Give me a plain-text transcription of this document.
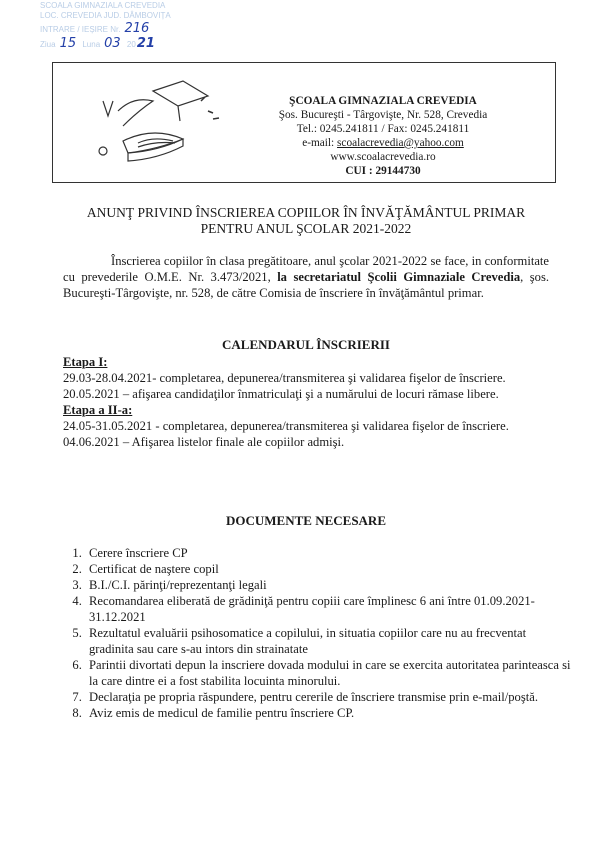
SCOALA GIMNAZIALA CREVEDIA
LOC. CREVEDIA JUD. DÂMBOVIȚA
INTRARE / IEȘIRE Nr. 216
Ziua 15 Luna 03 2021
ŞCOALA GIMNAZIALA CREVEDIA
Şos. Bucureşti - Târgovişte, Nr. 528, Crevedia
Tel.: 0245.241811 / Fax: 0245.241811
e-mail: scoalacrevedia@yahoo.com
www.scoalacrevedia.ro
CUI : 29144730
ANUNŢ PRIVIND ÎNSCRIEREA COPIILOR ÎN ÎNVĂŢĂMÂNTUL PRIMAR
PENTRU ANUL ŞCOLAR 2021-2022
Înscrierea copiilor în clasa pregătitoare, anul şcolar 2021-2022 se face, in conformitate cu prevederile O.M.E. Nr. 3.473/2021, la secretariatul Şcolii Gimnaziale Crevedia, şos. Bucureşti-Târgovişte, nr. 528, de către Comisia de înscriere în învăţământul primar.
CALENDARUL ÎNSCRIERII
Etapa I:
29.03-28.04.2021- completarea, depunerea/transmiterea şi validarea fişelor de înscriere.
20.05.2021 – afişarea candidaţilor înmatriculaţi şi a numărului de locuri rămase libere.
Etapa a II-a:
24.05-31.05.2021 - completarea, depunerea/transmiterea şi validarea fişelor de înscriere.
04.06.2021 – Afişarea listelor finale ale copiilor admişi.
DOCUMENTE NECESARE
1. Cerere înscriere CP
2. Certificat de naştere copil
3. B.I./C.I. părinţi/reprezentanţi legali
4. Recomandarea eliberată de grădiniţă pentru copiii care împlinesc 6 ani între 01.09.2021-31.12.2021
5. Rezultatul evaluării psihosomatice a copilului, in situatia copiilor care nu au frecventat gradinita sau care s-au intors din strainatate
6. Parintii divortati depun la inscriere dovada modului in care se exercita autoritatea parinteasca si la care dintre ei a fost stabilita locuinta minorului.
7. Declaraţia pe propria răspundere, pentru cererile de înscriere transmise prin e-mail/poştă.
8. Aviz emis de medicul de familie pentru înscriere CP.
